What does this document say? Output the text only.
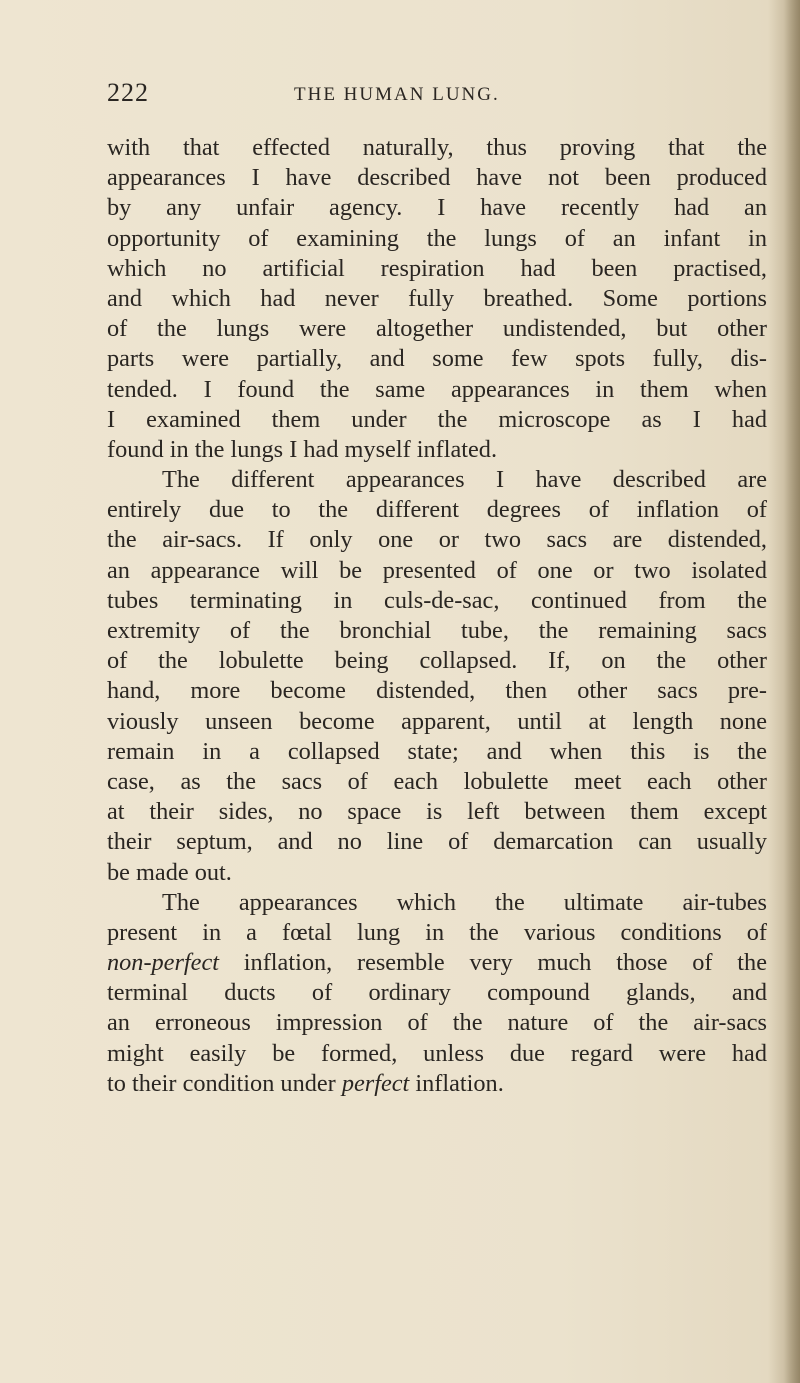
222	THE HUMAN LUNG.
with that effected naturally, thus proving that the
appearances I have described have not been produced
by any unfair agency. I have recently had an
opportunity of examining the lungs of an infant in
which no artificial respiration had been practised,
and which had never fully breathed. Some portions
of the lungs were altogether undistended, but other
parts were partially, and some few spots fully, dis-
tended. I found the same appearances in them when
I examined them under the microscope as I had
found in the lungs I had myself inflated.
The different appearances I have described are
entirely due to the different degrees of inflation of
the air-sacs. If only one or two sacs are distended,
an appearance will be presented of one or two isolated
tubes terminating in culs-de-sac, continued from the
extremity of the bronchial tube, the remaining sacs
of the lobulette being collapsed. If, on the other
hand, more become distended, then other sacs pre-
viously unseen become apparent, until at length none
remain in a collapsed state; and when this is the
case, as the sacs of each lobulette meet each other
at their sides, no space is left between them except
their septum, and no line of demarcation can usually
be made out.
The appearances which the ultimate air-tubes
present in a fœtal lung in the various conditions of
non-perfect inflation, resemble very much those of the
terminal ducts of ordinary compound glands, and
an erroneous impression of the nature of the air-sacs
might easily be formed, unless due regard were had
to their condition under perfect inflation.
